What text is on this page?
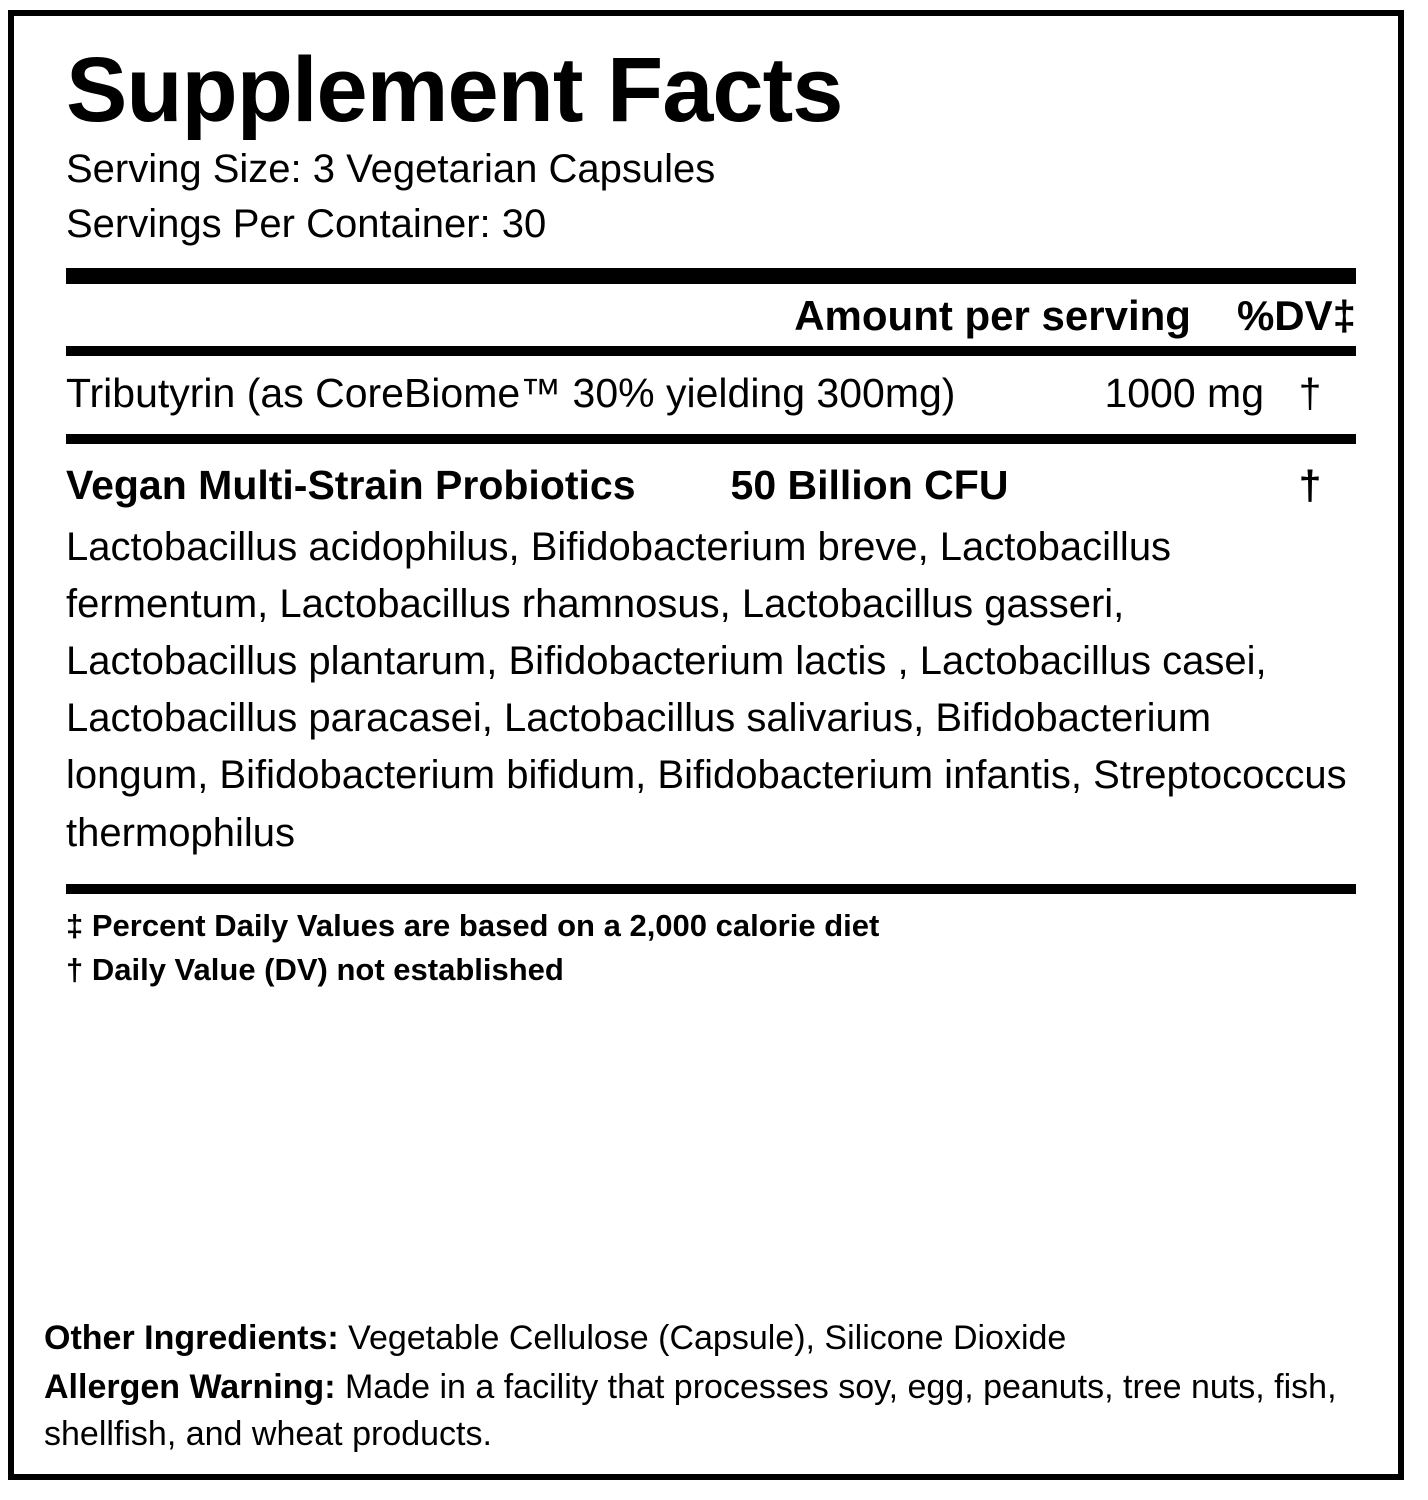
Supplement Facts
Serving Size: 3 Vegetarian Capsules
Servings Per Container: 30
Amount per serving %DV‡
Tributyrin (as CoreBiome™ 30% yielding 300mg)	1000 mg †
Vegan Multi-Strain Probiotics	50 Billion CFU	†
Lactobacillus acidophilus, Bifidobacterium breve, Lactobacillus fermentum, Lactobacillus rhamnosus, Lactobacillus gasseri, Lactobacillus plantarum, Bifidobacterium lactis , Lactobacillus casei, Lactobacillus paracasei, Lactobacillus salivarius, Bifidobacterium longum, Bifidobacterium bifidum, Bifidobacterium infantis, Streptococcus thermophilus
‡ Percent Daily Values are based on a 2,000 calorie diet
† Daily Value (DV) not established

Other Ingredients: Vegetable Cellulose (Capsule), Silicone Dioxide

Allergen Warning: Made in a facility that processes soy, egg, peanuts, tree nuts, fish, shellfish, and wheat products.
